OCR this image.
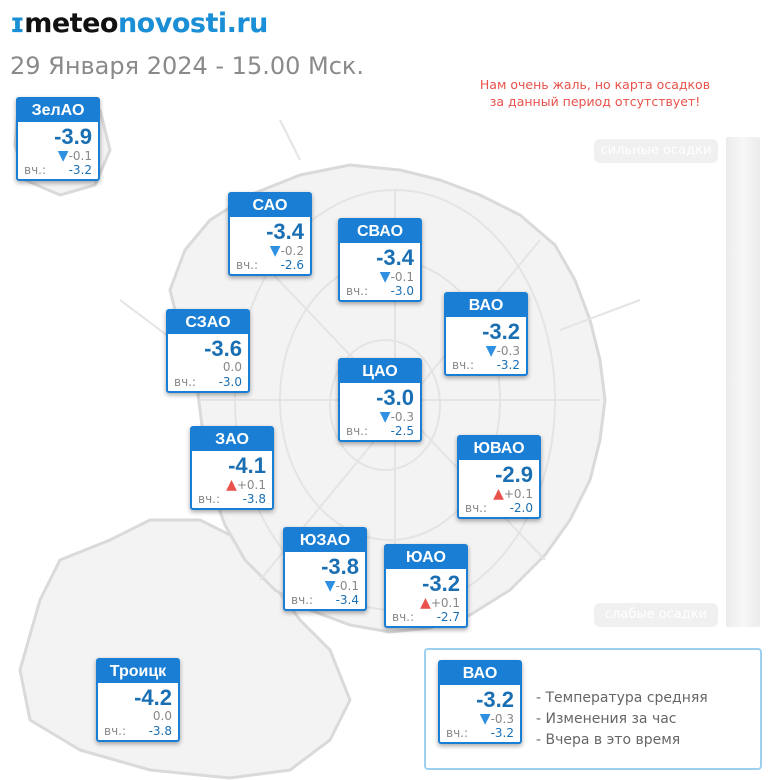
ɪmeteonovosti.ru
29 Января 2024 - 15.00 Мск.
Нам очень жаль, но карта осадков
за данный период отсутствует!
сильные осадки
слабые осадки
ЗелАО
-3.9
▼-0.1
вч.: -3.2
САО
-3.4
▼-0.2
вч.: -2.6
СВАО
-3.4
▼-0.1
вч.: -3.0
ВАО
-3.2
▼-0.3
вч.: -3.2
СЗАО
-3.6
0.0
вч.: -3.0
ЦАО
-3.0
▼-0.3
вч.: -2.5
ЗАО
-4.1
▲+0.1
вч.: -3.8
ЮВАО
-2.9
▲+0.1
вч.: -2.0
ЮЗАО
-3.8
▼-0.1
вч.: -3.4
ЮАО
-3.2
▲+0.1
вч.: -2.7
Троицк
-4.2
0.0
вч.: -3.8
ВАО
-3.2
▼-0.3
вч.: -3.2
- Температура средняя
- Изменения за час
- Вчера в это время
